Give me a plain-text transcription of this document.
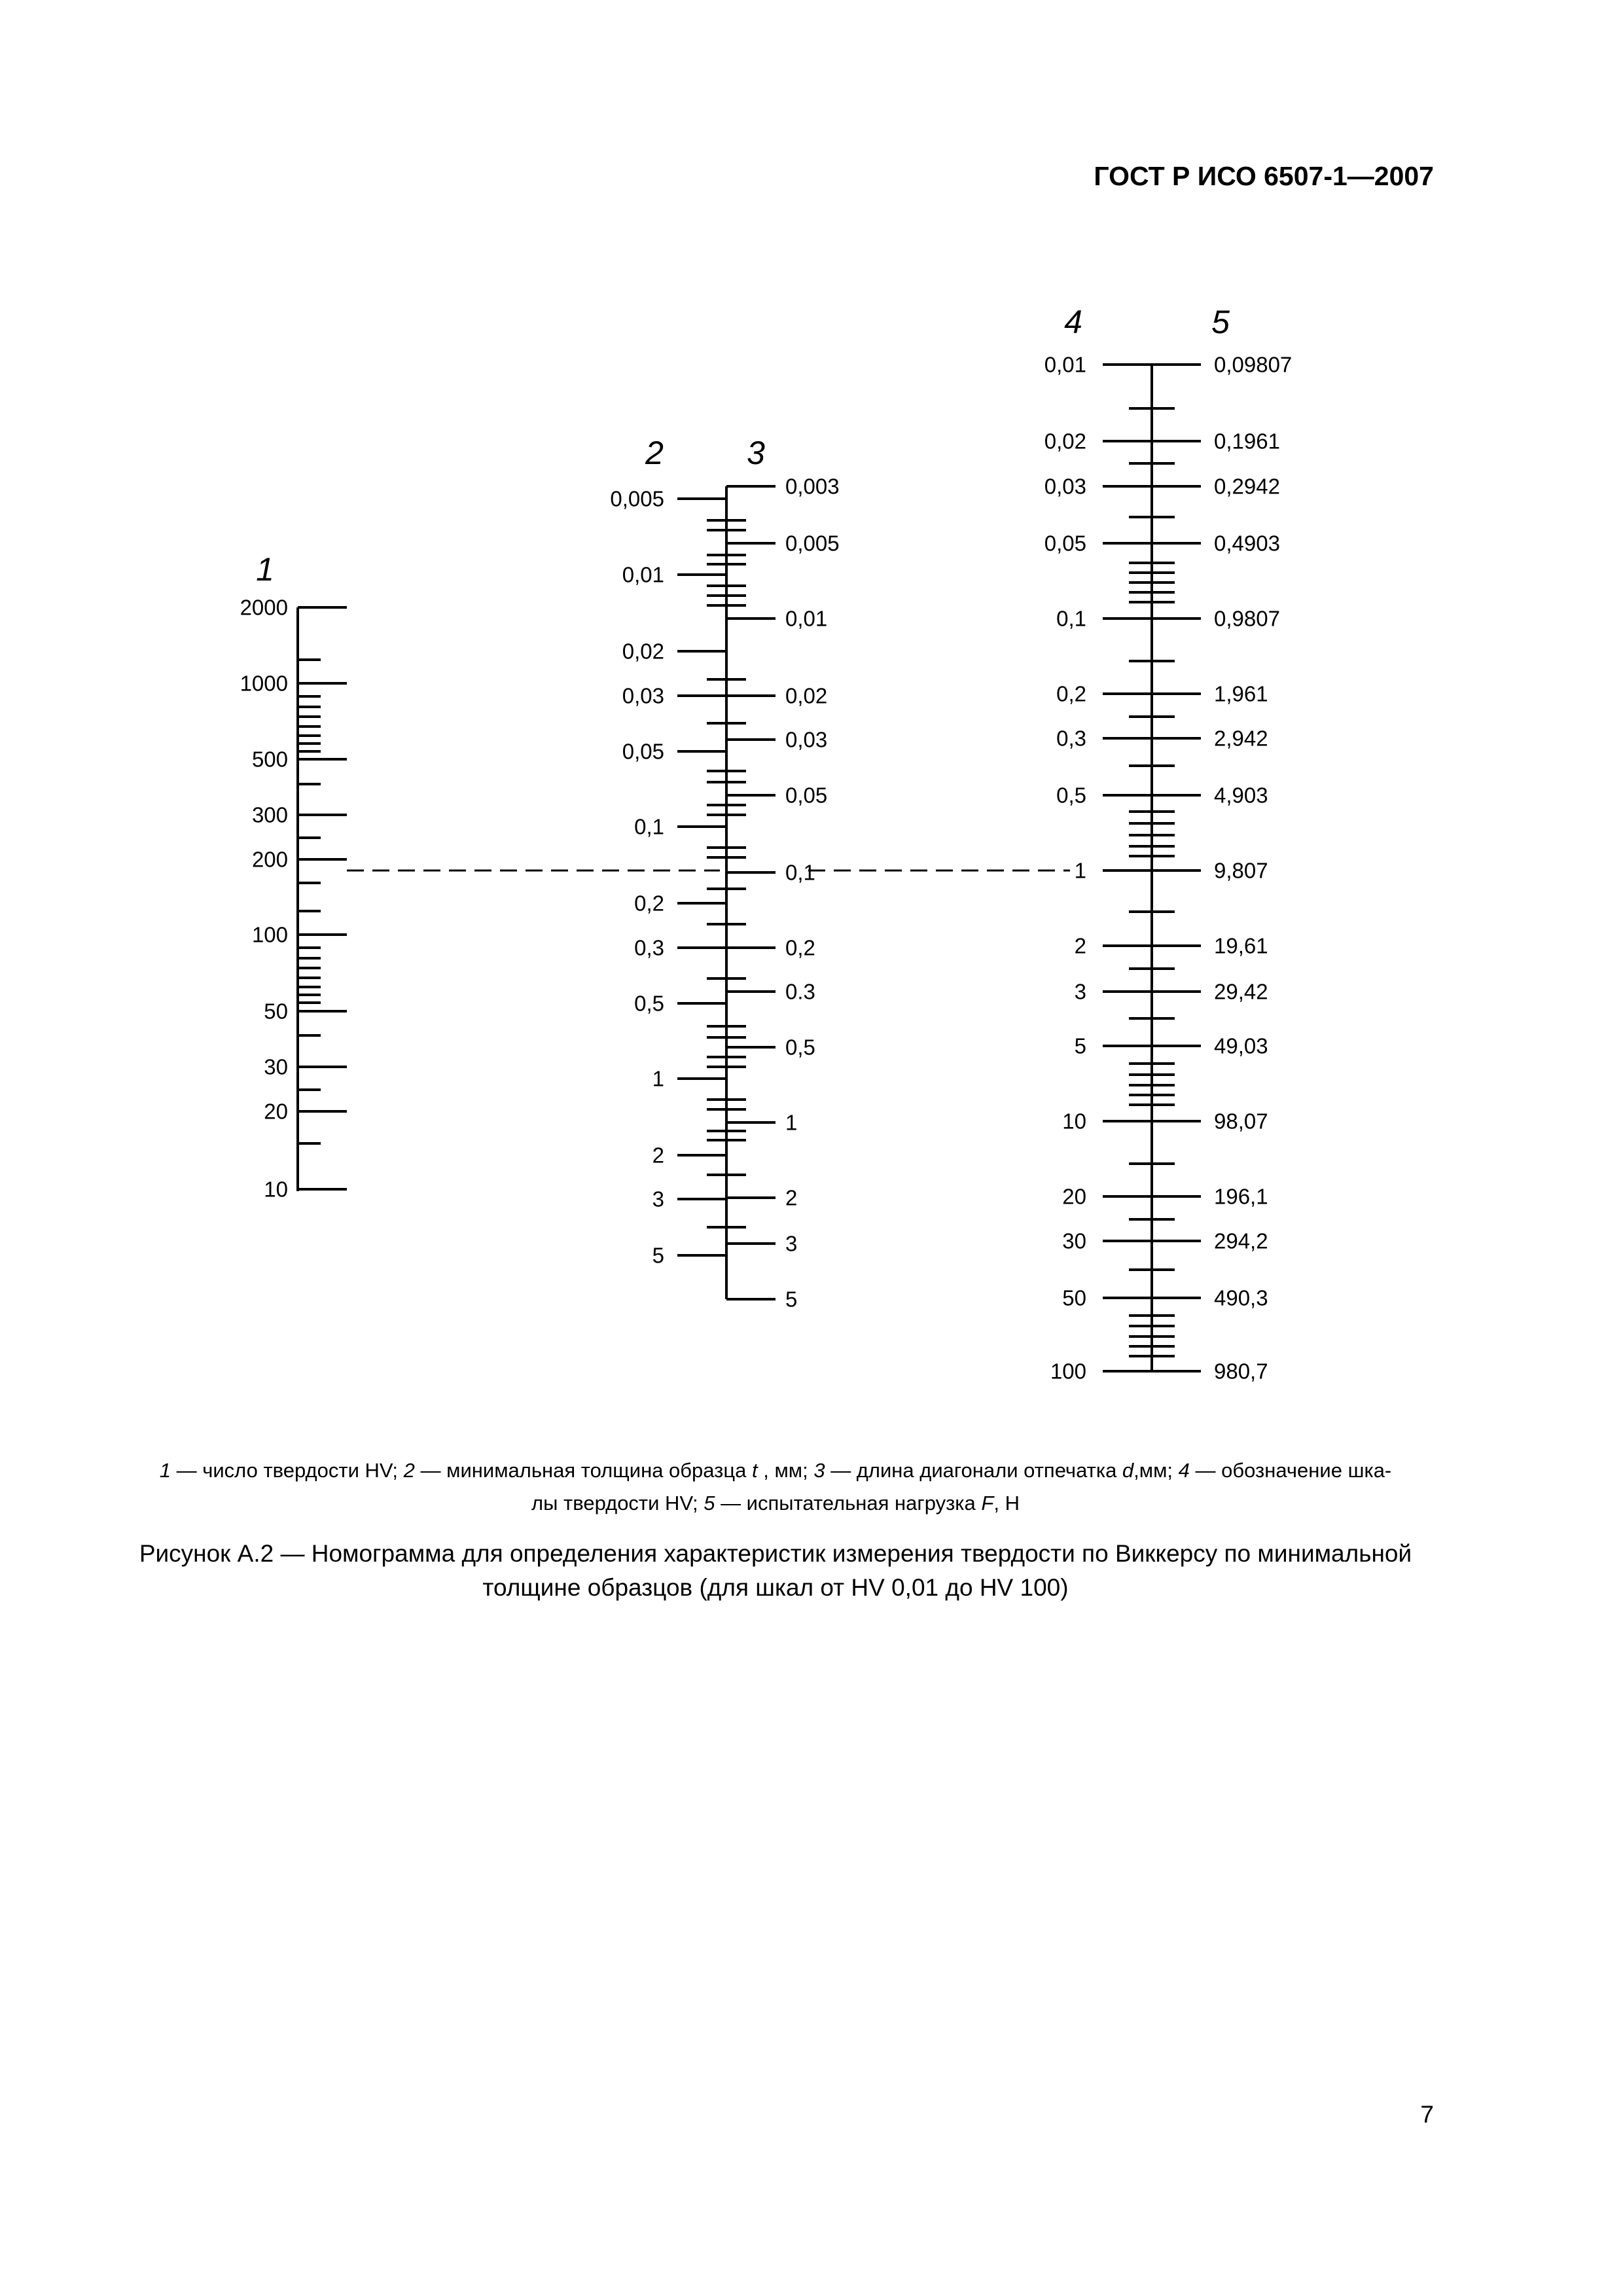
ГОСТ Р ИСО 6507-1—2007
1
2000
1000
500
300
200
100
50
30
20
10
2	3
0,005
0,01
0,02
0,03
0,05
0,1
0,2
0,3
0,5
1
2
3
5
0,003
0,005
0,01
0,02
0,03
0,05
0,1
0,2
0.3
0,5
1
2
3
5
4	5
0,01	0,09807
0,02	0,1961
0,03	0,2942
0,05	0,4903
0,1	0,9807
0,2	1,961
0,3	2,942
0,5	4,903
1	9,807
2	19,61
3	29,42
5	49,03
10	98,07
20	196,1
30	294,2
50	490,3
100	980,7
1 — число твердости HV; 2 — минимальная толщина образца t , мм; 3 — длина диагонали отпечатка d,мм; 4 — обозначение шка-
лы твердости HV; 5 — испытательная нагрузка F, Н
Рисунок А.2 — Номограмма для определения характеристик измерения твердости по Виккерсу по минимальной
толщине образцов (для шкал от HV 0,01 до HV 100)
7
